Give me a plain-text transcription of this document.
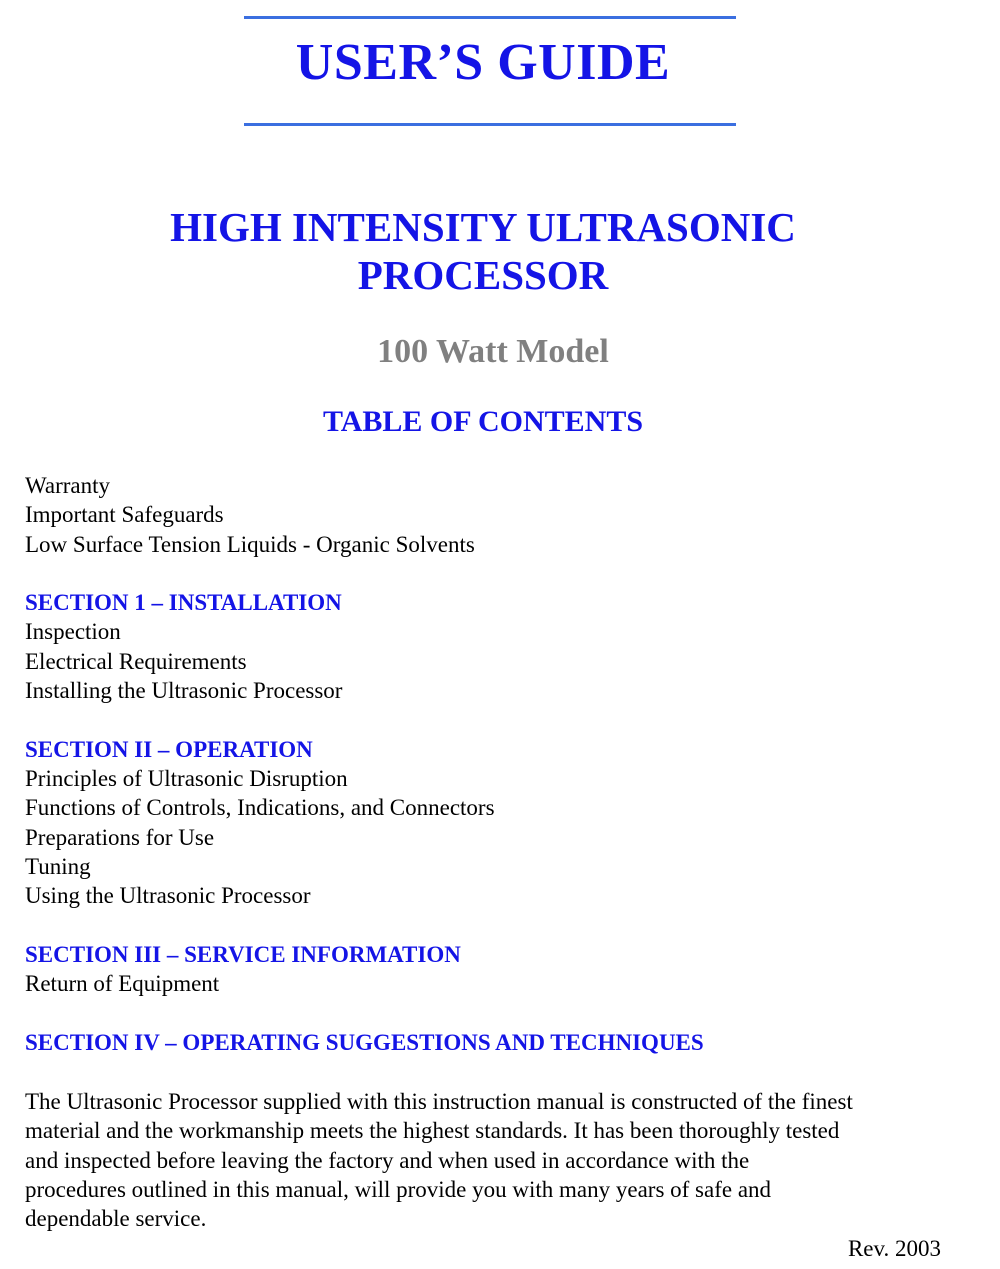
USER’S GUIDE
HIGH INTENSITY ULTRASONIC
PROCESSOR
100 Watt Model
TABLE OF CONTENTS
Warranty
Important Safeguards
Low Surface Tension Liquids - Organic Solvents
SECTION 1 – INSTALLATION
Inspection
Electrical Requirements
Installing the Ultrasonic Processor
SECTION II – OPERATION
Principles of Ultrasonic Disruption
Functions of Controls, Indications, and Connectors
Preparations for Use
Tuning
Using the Ultrasonic Processor
SECTION III – SERVICE INFORMATION
Return of Equipment
SECTION IV – OPERATING SUGGESTIONS AND TECHNIQUES
The Ultrasonic Processor supplied with this instruction manual is constructed of the finest
material and the workmanship meets the highest standards. It has been thoroughly tested
and inspected before leaving the factory and when used in accordance with the
procedures outlined in this manual, will provide you with many years of safe and
dependable service.
Rev. 2003
